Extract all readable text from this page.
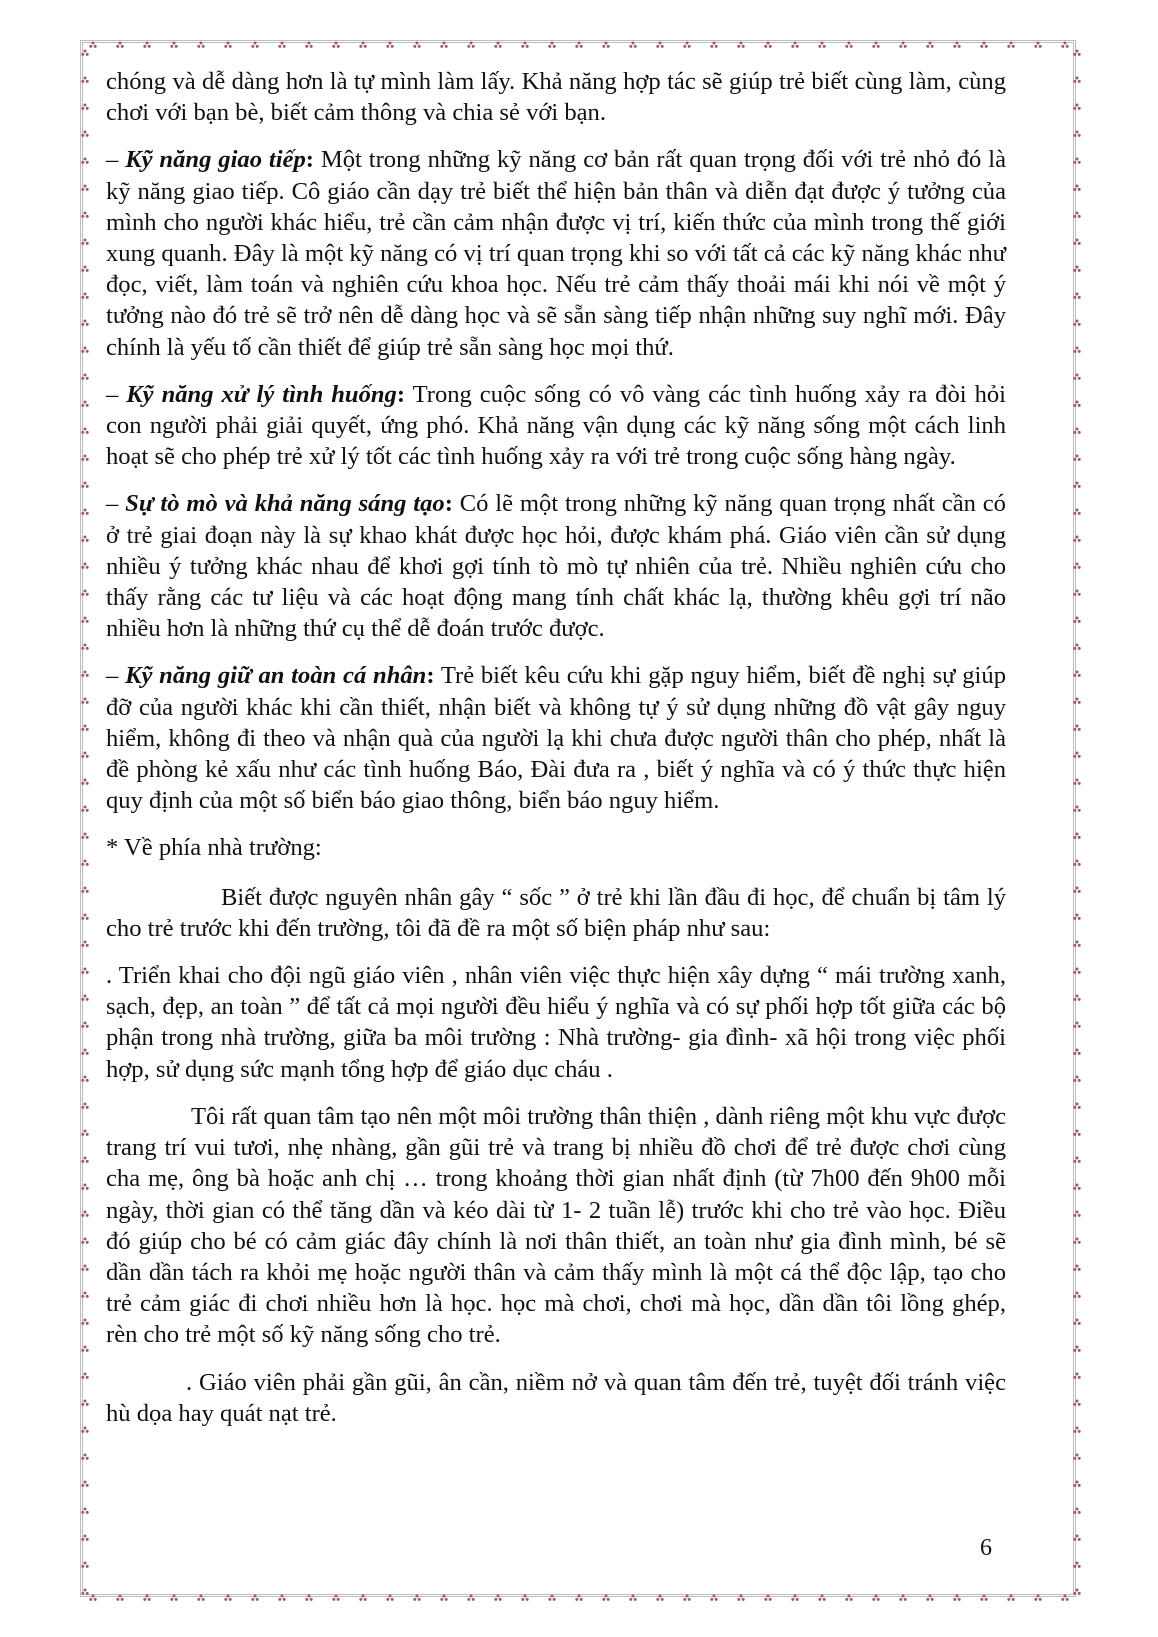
chóng và dễ dàng hơn là tự mình làm lấy. Khả năng hợp tác sẽ giúp trẻ biết cùng làm, cùng chơi với bạn bè, biết cảm thông và chia sẻ với bạn.

– Kỹ năng giao tiếp: Một trong những kỹ năng cơ bản rất quan trọng đối với trẻ nhỏ đó là kỹ năng giao tiếp. Cô giáo cần dạy trẻ biết thể hiện bản thân và diễn đạt được ý tưởng của mình cho người khác hiểu, trẻ cần cảm nhận được vị trí, kiến thức của mình trong thế giới xung quanh. Đây là một kỹ năng có vị trí quan trọng khi so với tất cả các kỹ năng khác như đọc, viết, làm toán và nghiên cứu khoa học. Nếu trẻ cảm thấy thoải mái khi nói về một ý tưởng nào đó trẻ sẽ trở nên dễ dàng học và sẽ sẵn sàng tiếp nhận những suy nghĩ mới. Đây chính là yếu tố cần thiết để giúp trẻ sẵn sàng học mọi thứ.

– Kỹ năng xử lý tình huống: Trong cuộc sống có vô vàng các tình huống xảy ra đòi hỏi con người phải giải quyết, ứng phó. Khả năng vận dụng các kỹ năng sống một cách linh hoạt sẽ cho phép trẻ xử lý tốt các tình huống xảy ra với trẻ trong cuộc sống hàng ngày.

– Sự tò mò và khả năng sáng tạo: Có lẽ một trong những kỹ năng quan trọng nhất cần có ở trẻ giai đoạn này là sự khao khát được học hỏi, được khám phá. Giáo viên cần sử dụng nhiều ý tưởng khác nhau để khơi gợi tính tò mò tự nhiên của trẻ. Nhiều nghiên cứu cho thấy rằng các tư liệu và các hoạt động mang tính chất khác lạ, thường khêu gợi trí não nhiều hơn là những thứ cụ thể dễ đoán trước được.

– Kỹ năng giữ an toàn cá nhân: Trẻ biết kêu cứu khi gặp nguy hiểm, biết đề nghị sự giúp đỡ của người khác khi cần thiết, nhận biết và không tự ý sử dụng những đồ vật gây nguy hiểm, không đi theo và nhận quà của người lạ khi chưa được người thân cho phép, nhất là đề phòng kẻ xấu như các tình huống Báo, Đài đưa ra , biết ý nghĩa và có ý thức thực hiện quy định của một số biển báo giao thông, biển báo nguy hiểm.

* Về phía nhà trường:

Biết được nguyên nhân gây “ sốc ” ở trẻ khi lần đầu đi học, để chuẩn bị tâm lý cho trẻ trước khi đến trường, tôi đã đề ra một số biện pháp như sau:

. Triển khai cho đội ngũ giáo viên , nhân viên việc thực hiện xây dựng “ mái trường xanh, sạch, đẹp, an toàn ” để tất cả mọi người đều hiểu ý nghĩa và có sự phối hợp tốt giữa các bộ phận trong nhà trường, giữa ba môi trường : Nhà trường- gia đình- xã hội trong việc phối hợp, sử dụng sức mạnh tổng hợp để giáo dục cháu .

Tôi rất quan tâm tạo nên một môi trường thân thiện , dành riêng một khu vực được trang trí vui tươi, nhẹ nhàng, gần gũi trẻ và trang bị nhiều đồ chơi để trẻ được chơi cùng cha mẹ, ông bà hoặc anh chị … trong khoảng thời gian nhất định (từ 7h00 đến 9h00 mỗi ngày, thời gian có thể tăng dần và kéo dài từ 1- 2 tuần lễ) trước khi cho trẻ vào học. Điều đó giúp cho bé có cảm giác đây chính là nơi thân thiết, an toàn như gia đình mình, bé sẽ dần dần tách ra khỏi mẹ hoặc người thân và cảm thấy mình là một cá thể độc lập, tạo cho trẻ cảm giác đi chơi nhiều hơn là học. học mà chơi, chơi mà học, dần dần tôi lồng ghép, rèn cho trẻ một số kỹ năng sống cho trẻ.

. Giáo viên phải gần gũi, ân cần, niềm nở và quan tâm đến trẻ, tuyệt đối tránh việc hù dọa hay quát nạt trẻ.

6
